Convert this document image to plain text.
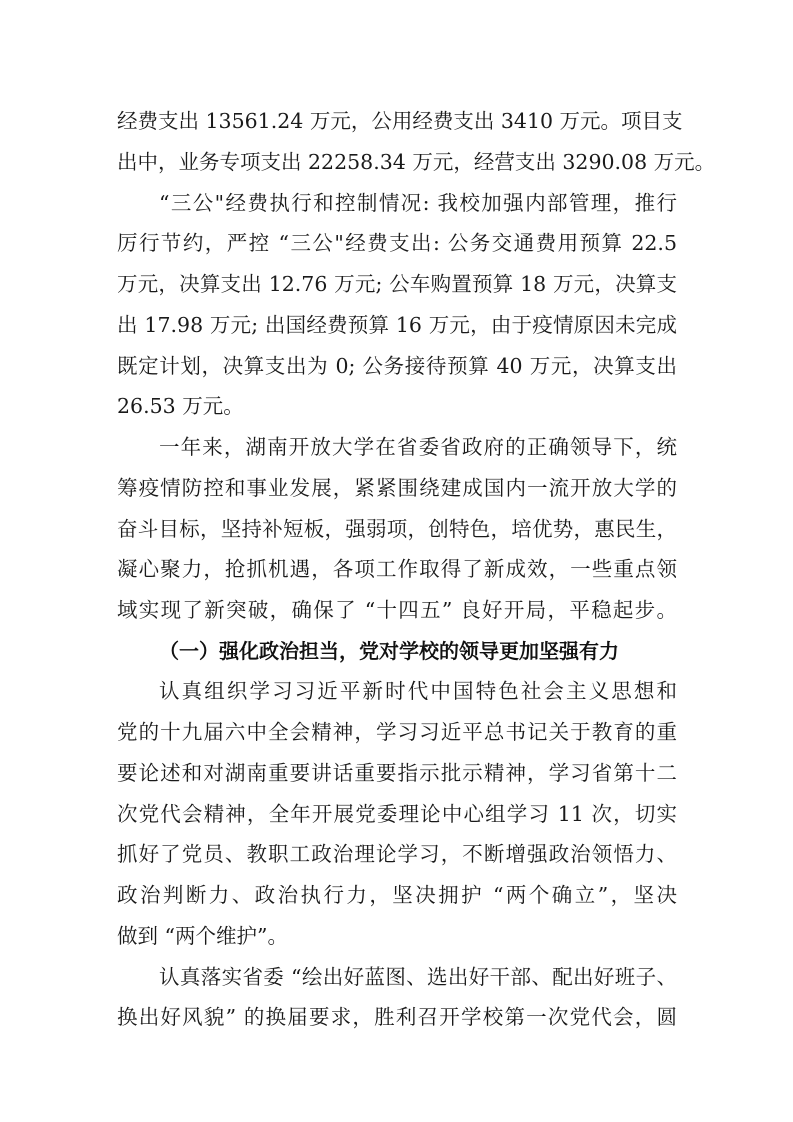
经费支出 13561.24 万元，公用经费支出 3410 万元。项目支
出中，业务专项支出 22258.34 万元，经营支出 3290.08 万元。
“三公"经费执行和控制情况: 我校加强内部管理，推行
厉行节约，严控 “三公"经费支出: 公务交通费用预算 22.5
万元，决算支出 12.76 万元; 公车购置预算 18 万元，决算支
出 17.98 万元; 出国经费预算 16 万元，由于疫情原因未完成
既定计划，决算支出为 0; 公务接待预算 40 万元，决算支出
26.53 万元。
一年来，湖南开放大学在省委省政府的正确领导下，统
筹疫情防控和事业发展，紧紧围绕建成国内一流开放大学的
奋斗目标，坚持补短板，强弱项，创特色，培优势，惠民生，
凝心聚力，抢抓机遇，各项工作取得了新成效，一些重点领
域实现了新突破，确保了 “十四五” 良好开局，平稳起步。
（一）强化政治担当，党对学校的领导更加坚强有力
认真组织学习习近平新时代中国特色社会主义思想和
党的十九届六中全会精神，学习习近平总书记关于教育的重
要论述和对湖南重要讲话重要指示批示精神，学习省第十二
次党代会精神，全年开展党委理论中心组学习 11 次，切实
抓好了党员、教职工政治理论学习，不断增强政治领悟力、
政治判断力、政治执行力，坚决拥护 “两个确立”，坚决
做到 “两个维护”。
认真落实省委 “绘出好蓝图、选出好干部、配出好班子、
换出好风貌” 的换届要求，胜利召开学校第一次党代会，圆
